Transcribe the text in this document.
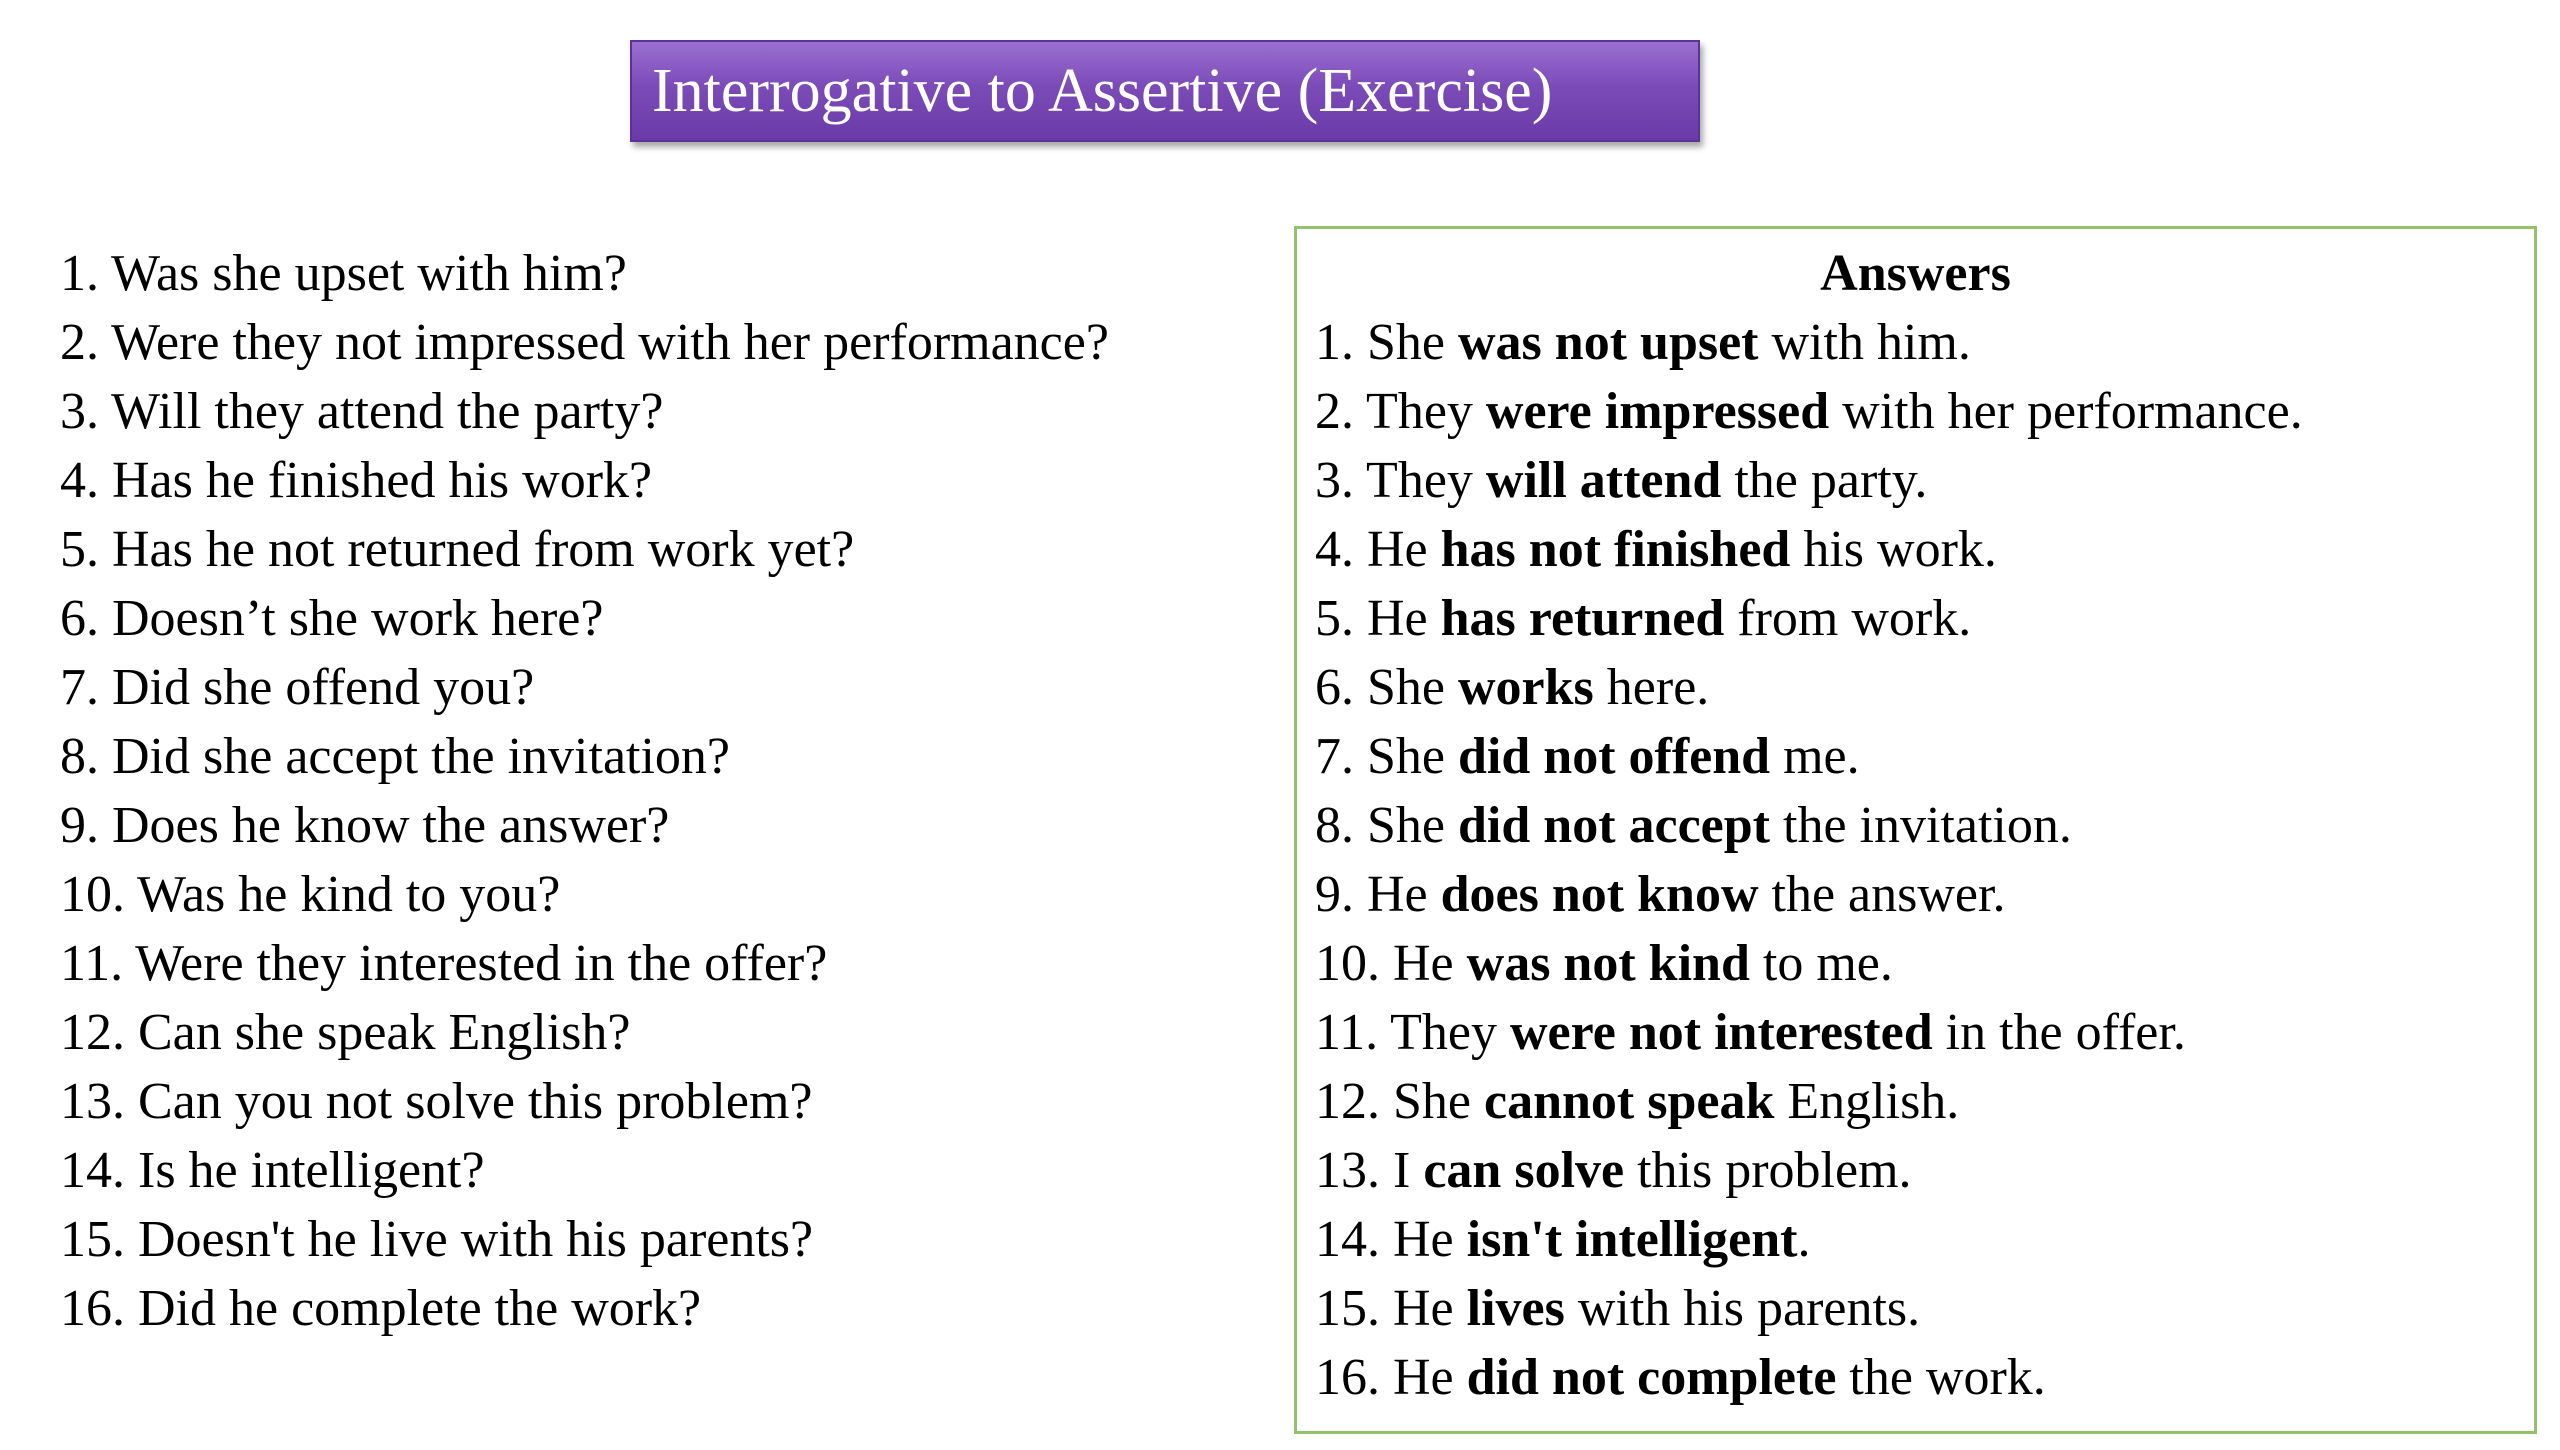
Interrogative to Assertive (Exercise)
1. Was she upset with him?
2. Were they not impressed with her performance?
3. Will they attend the party?
4. Has he finished his work?
5. Has he not returned from work yet?
6. Doesn’t she work here?
7. Did she offend you?
8. Did she accept the invitation?
9. Does he know the answer?
10. Was he kind to you?
11. Were they interested in the offer?
12. Can she speak English?
13. Can you not solve this problem?
14. Is he intelligent?
15. Doesn't he live with his parents?
16. Did he complete the work?
Answers
1. She was not upset with him.
2. They were impressed with her performance.
3. They will attend the party.
4. He has not finished his work.
5. He has returned from work.
6. She works here.
7. She did not offend me.
8. She did not accept the invitation.
9. He does not know the answer.
10. He was not kind to me.
11. They were not interested in the offer.
12. She cannot speak English.
13. I can solve this problem.
14. He isn't intelligent.
15. He lives with his parents.
16. He did not complete the work.
